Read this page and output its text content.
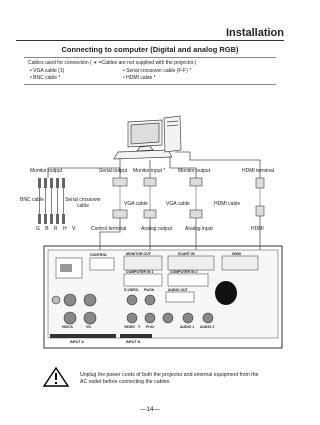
Installation
Connecting to computer (Digital and analog RGB)
Cables used for connection ( ∗ =Cables are not supplied with the projector.)
• VGA cable (1)
• BNC cable *
• Serial crossover cable (F-F) *
• HDMI cable *
Monitor output	Serial output Monitor input *	Monitor output	HDMI terminal
BNC cable	Serial crossover cable	VGA cable	VGA cable	HDMI cable
G B R H V	Control terminal	Analog output	Analog input	HDMI
CONTROL	MONITOR OUT	SCART IN	HDMI
COMPUTER IN 1	COMPUTER IN 2
S-VIDEO Pb/Cb	AUDIO OUT
VIDEO Y Pr/Cr	AUDIO 1 AUDIO 2
HD/CS	VD
INPUT A	INPUT B
Unplug the power cords of both the projector and external equipment from the AC outlet before connecting the cables.
—14—
